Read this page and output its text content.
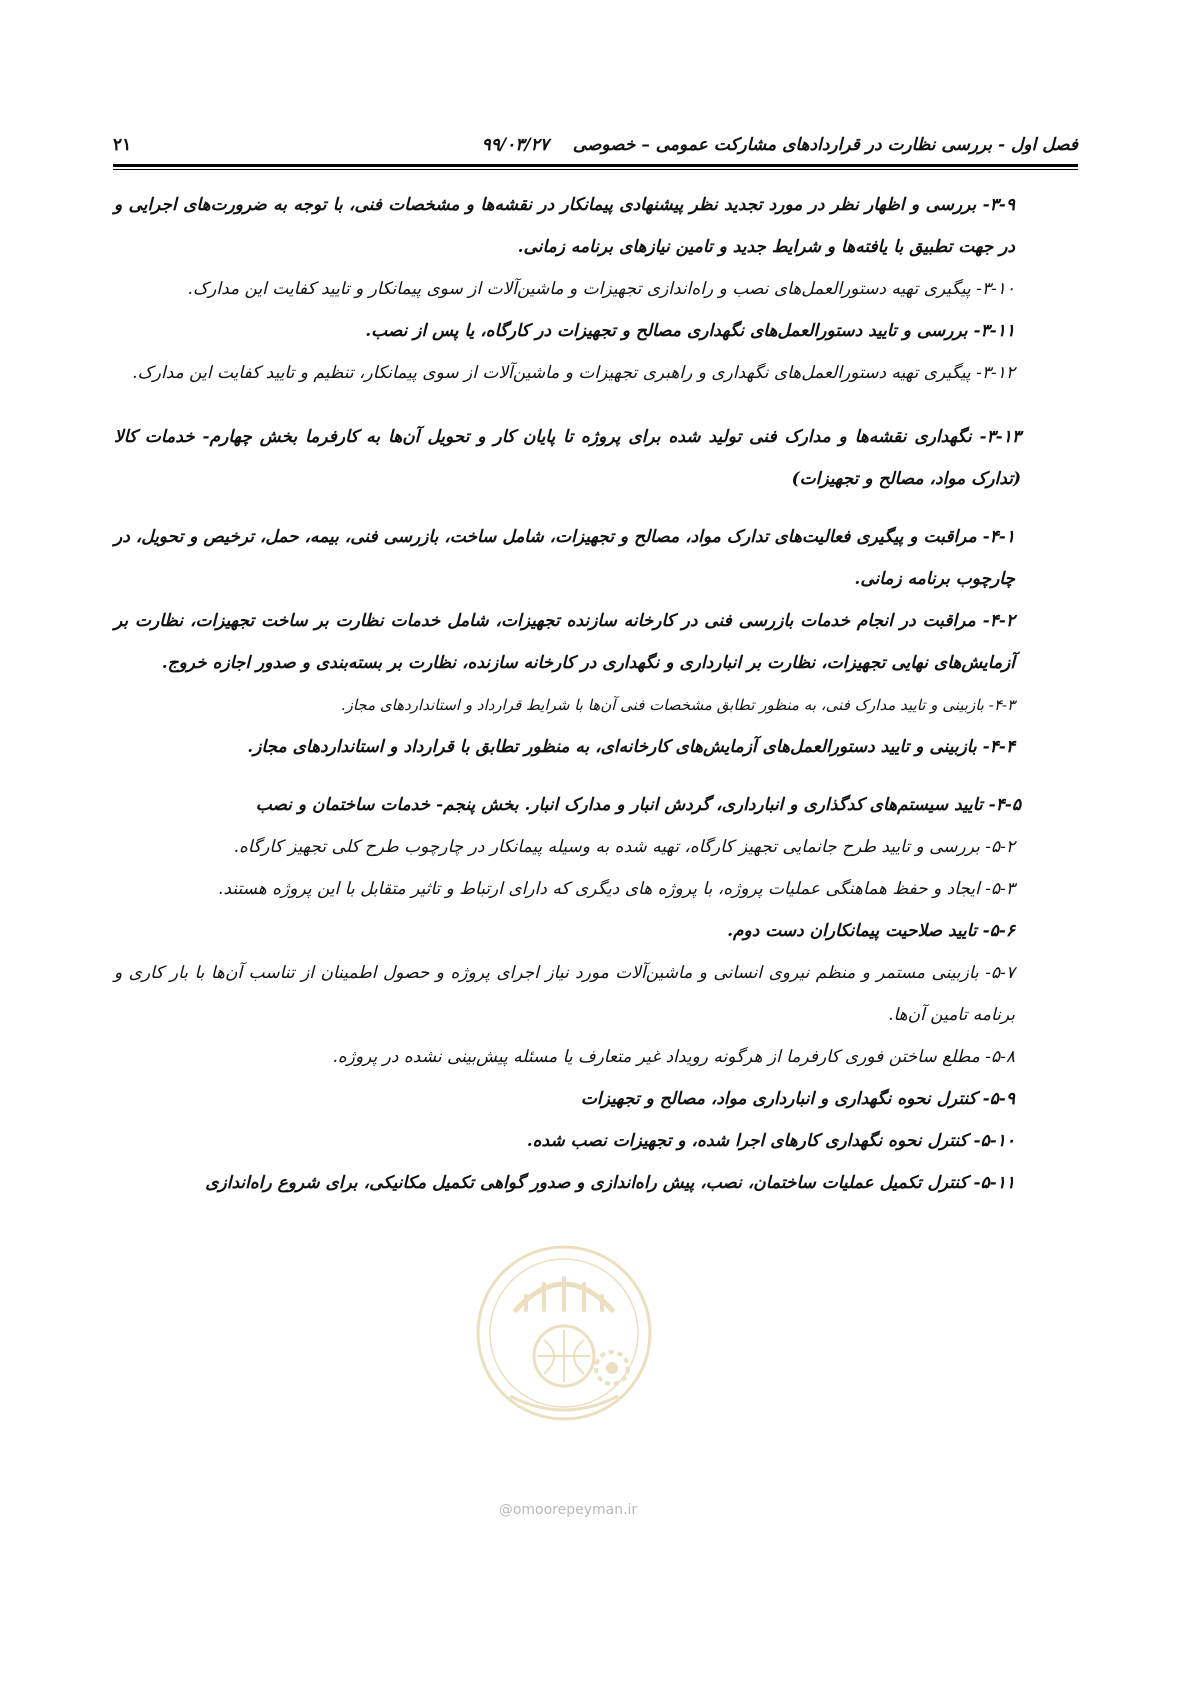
فصل اول - بررسی نظارت در قراردادهای مشارکت عمومی – خصوصی ۹۹/۰۳/۲۷
۲۱

۳-۹- بررسی و اظهار نظر در مورد تجدید نظر پیشنهادی پیمانکار در نقشه‌ها و مشخصات فنی، با توجه به ضرورت‌های اجرایی و در جهت تطبیق با یافته‌ها و شرایط جدید و تامین نیازهای برنامه زمانی.

۳-۱۰- پیگیری تهیه دستورالعمل‌های نصب و راه‌اندازی تجهیزات و ماشین‌آلات از سوی پیمانکار و تایید کفایت این مدارک.

۳-۱۱- بررسی و تایید دستورالعمل‌های نگهداری مصالح و تجهیزات در کارگاه، یا پس از نصب.

۳-۱۲- پیگیری تهیه دستورالعمل‌های نگهداری و راهبری تجهیزات و ماشین‌آلات از سوی پیمانکار، تنظیم و تایید کفایت این مدارک.

۳-۱۳- نگهداری نقشه‌ها و مدارک فنی تولید شده برای پروژه تا پایان کار و تحویل آن‌ها به کارفرما بخش چهارم- خدمات کالا (تدارک مواد، مصالح و تجهیزات)

۴-۱- مراقبت و پیگیری فعالیت‌های تدارک مواد، مصالح و تجهیزات، شامل ساخت، بازرسی فنی، بیمه، حمل، ترخیص و تحویل، در چارچوب برنامه زمانی.

۴-۲- مراقبت در انجام خدمات بازرسی فنی در کارخانه سازنده تجهیزات، شامل خدمات نظارت بر ساخت تجهیزات، نظارت بر آزمایش‌های نهایی تجهیزات، نظارت بر انبارداری و نگهداری در کارخانه سازنده، نظارت بر بسته‌بندی و صدور اجازه خروج.

۴-۳- بازبینی و تایید مدارک فنی، به منظور تطابق مشخصات فنی آن‌ها با شرایط قرارداد و استانداردهای مجاز.

۴-۴- بازبینی و تایید دستورالعمل‌های آزمایش‌های کارخانه‌ای، به منظور تطابق با قرارداد و استانداردهای مجاز.

۴-۵- تایید سیستم‌های کدگذاری و انبارداری، گردش انبار و مدارک انبار. بخش پنجم- خدمات ساختمان و نصب

۵-۲- بررسی و تایید طرح جانمایی تجهیز کارگاه، تهیه شده به وسیله پیمانکار در چارچوب طرح کلی تجهیز کارگاه.

۵-۳- ایجاد و حفظ هماهنگی عملیات پروژه، با پروژه های دیگری که دارای ارتباط و تاثیر متقابل با این پروژه هستند.

۵-۶- تایید صلاحیت پیمانکاران دست دوم.

۵-۷- بازبینی مستمر و منظم نیروی انسانی و ماشین‌آلات مورد نیاز اجرای پروژه و حصول اطمینان از تناسب آن‌ها با بار کاری و برنامه تامین آن‌ها.

۵-۸- مطلع ساختن فوری کارفرما از هرگونه رویداد غیر متعارف یا مسئله پیش‌بینی نشده در پروژه.

۵-۹- کنترل نحوه نگهداری و انبارداری مواد، مصالح و تجهیزات

۵-۱۰- کنترل نحوه نگهداری کارهای اجرا شده، و تجهیزات نصب شده.

۵-۱۱- کنترل تکمیل عملیات ساختمان، نصب، پیش راه‌اندازی و صدور گواهی تکمیل مکانیکی، برای شروع راه‌اندازی

@omoorepeyman.ir
